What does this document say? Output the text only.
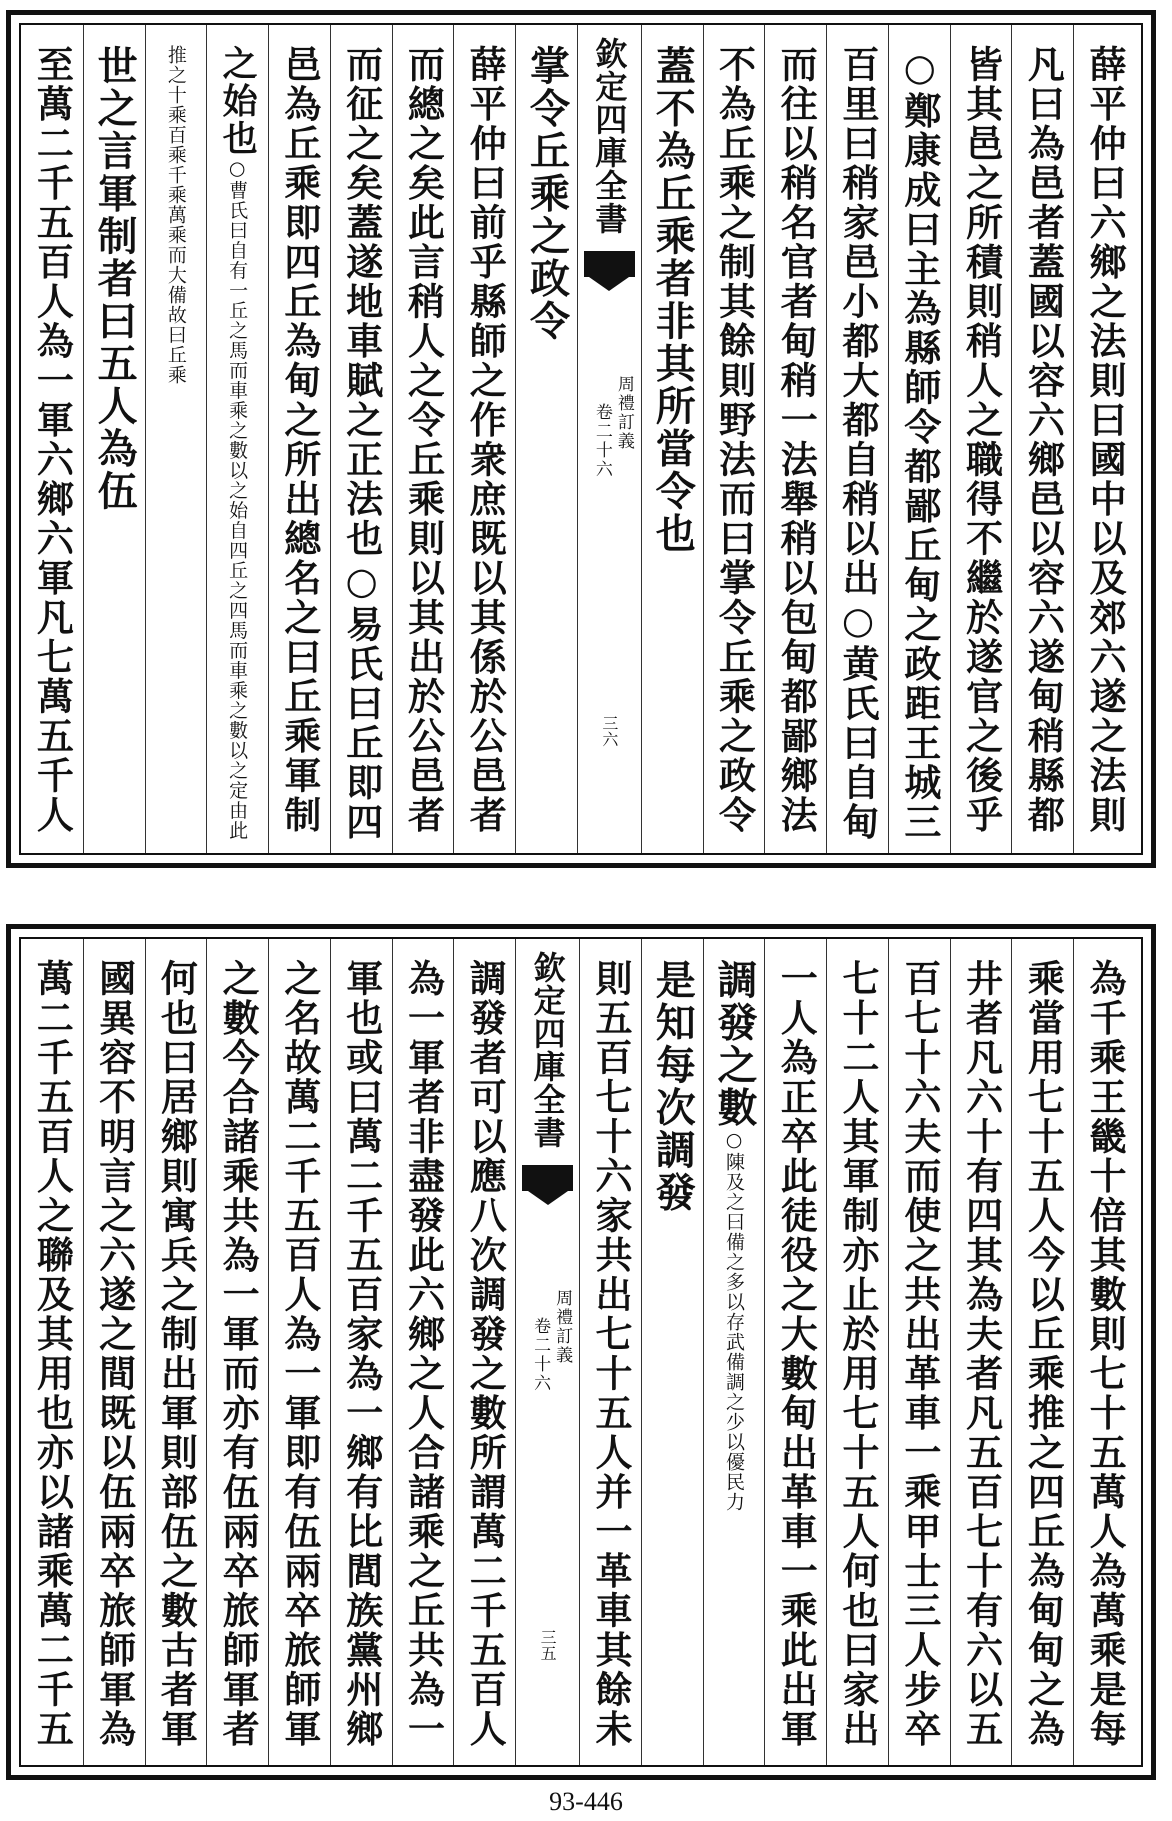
至萬二千五百人為一軍六鄉六軍凡七萬五千人 世之言軍制者曰五人為伍	推之十乘百乘千乘萬乘而大備故曰丘乘 之始也○曹氏曰自有一丘之馬而車乘之數以之始自四丘之四馬而車乘之數以之定由此 邑為丘乘即四丘為甸之所出總名之曰丘乘軍制 而征之矣蓋遂地車賦之正法也○易氏曰丘即四 而總之矣此言稍人之令丘乘則以其出於公邑者 薛平仲曰前乎縣師之作衆庶既以其係於公邑者 掌令丘乘之政令 欽定四庫全書
周禮訂義
卷二十六
三六
蓋不為丘乘者非其所當令也 不為丘乘之制其餘則野法而曰掌令丘乘之政令 而往以稍名官者甸稍一法舉稍以包甸都鄙鄉法 百里曰稍家邑小都大都自稍以出○黄氏曰自甸 ○鄭康成曰主為縣師令都鄙丘甸之政距王城三 皆其邑之所積則稍人之職得不繼於遂官之後乎 凡曰為邑者蓋國以容六鄉邑以容六遂甸稍縣都 薛平仲曰六鄉之法則曰國中以及郊六遂之法則
萬二千五百人之聯及其用也亦以諸乘萬二千五 國異容不明言之六遂之間既以伍兩卒旅師軍為 何也曰居鄉則寓兵之制出軍則部伍之數古者軍 之數今合諸乘共為一軍而亦有伍兩卒旅師軍者 之名故萬二千五百人為一軍即有伍兩卒旅師軍 軍也或曰萬二千五百家為一鄉有比閭族黨州鄉 為一軍者非盡發此六鄉之人合諸乘之丘共為一 調發者可以應八次調發之數所謂萬二千五百人 欽定四庫全書
周禮訂義
卷二十六
三五 則五百七十六家共出七十五人并一革車其餘未 是知每次調發 調發之數○陳及之曰備之多以存武備調之少以優民力 一人為正卒此徒役之大數甸出革車一乘此出軍 七十二人其軍制亦止於用七十五人何也曰家出 百七十六夫而使之共出革車一乘甲士三人步卒 井者凡六十有四其為夫者凡五百七十有六以五 乘當用七十五人今以丘乘推之四丘為甸甸之為 為千乘王畿十倍其數則七十五萬人為萬乘是每
93-446
